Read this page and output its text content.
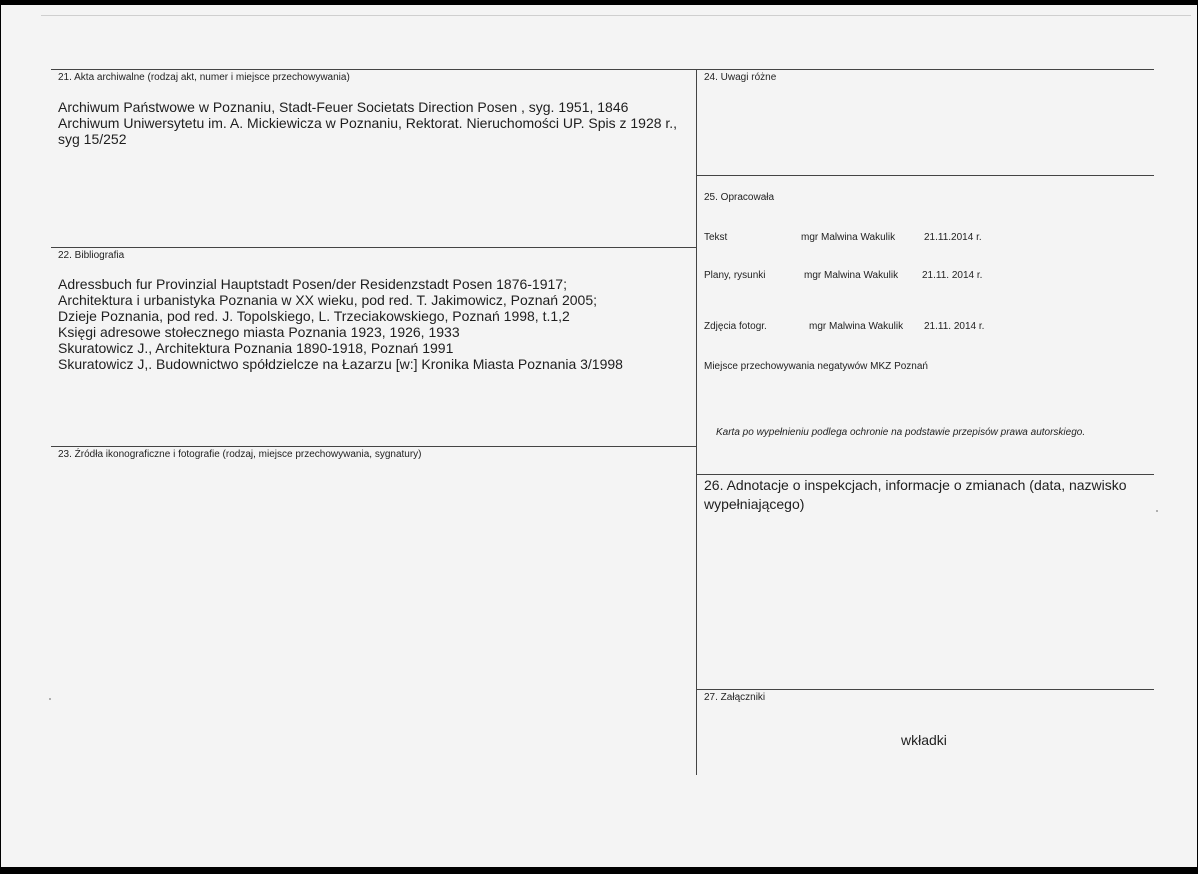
21. Akta archiwalne (rodzaj akt, numer i miejsce przechowywania)
Archiwum Państwowe w Poznaniu, Stadt-Feuer Societats Direction Posen , syg. 1951, 1846
Archiwum Uniwersytetu im. A. Mickiewicza w Poznaniu, Rektorat. Nieruchomości UP. Spis z 1928 r.,
syg 15/252
22. Bibliografia
Adressbuch fur Provinzial Hauptstadt Posen/der Residenzstadt Posen 1876-1917;
Architektura i urbanistyka Poznania w XX wieku, pod red. T. Jakimowicz, Poznań 2005;
Dzieje Poznania, pod red. J. Topolskiego, L. Trzeciakowskiego, Poznań 1998, t.1,2
Księgi adresowe stołecznego miasta Poznania 1923, 1926, 1933
Skuratowicz J., Architektura Poznania 1890-1918, Poznań 1991
Skuratowicz J,. Budownictwo spółdzielcze na Łazarzu [w:] Kronika Miasta Poznania 3/1998
23. Źródła ikonograficzne i fotografie (rodzaj, miejsce przechowywania, sygnatury)
24. Uwagi różne
25. Opracowała
Tekst	mgr Malwina Wakulik	21.11.2014 r.
Plany, rysunki	mgr Malwina Wakulik 21.11. 2014 r.
Zdjęcia fotogr.	mgr Malwina Wakulik 21.11. 2014 r.
Miejsce przechowywania negatywów MKZ Poznań
Karta po wypełnieniu podlega ochronie na podstawie przepisów prawa autorskiego.
26. Adnotacje o inspekcjach, informacje o zmianach (data, nazwisko wypełniającego)
27. Załączniki
wkładki
